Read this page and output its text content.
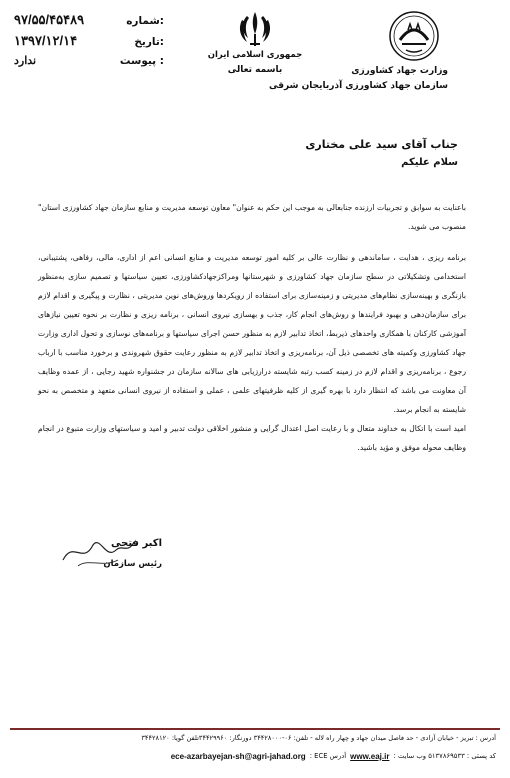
۹۷/۵۵/۴۵۴۸۹	شماره:
۱۳۹۷/۱۲/۱۴	تاریخ:
ندارد	پیوست :	جمهوری اسلامی ایران
باسمه تعالی	وزارت جهاد کشاورزی
سازمان جهاد کشاورزی آذربایجان شرقی
جناب آقای سید علی مختاری
سلام علیکم

باعنایت به سوابق و تجربیات ارزنده جنابعالی به موجب این حکم به عنوان" معاون توسعه مدیریت و منابع سازمان جهاد کشاورزی استان" منصوب می شوید.

برنامه ریزی ، هدایت ، ساماندهی و نظارت عالی بر کلیه امور توسعه مدیریت و منابع انسانی اعم از اداری، مالی، رفاهی، پشتیبانی، استخدامی وتشکیلاتی در سطح سازمان جهاد کشاورزی و شهرستانها ومراکزجهادکشاورزی، تعیین سیاستها و تصمیم سازی به‌منظور بازنگری و بهینه‌سازی نظام‌های مدیریتی و زمینه‌سازی برای استفاده از رویکردها وروش‌های نوین مدیریتی ، نظارت و پیگیری و اقدام لازم برای سازمان‌دهی و بهبود فرایندها و روش‌های انجام کار، جذب و بهسازی نیروی انسانی ، برنامه ریزی و نظارت بر نحوه تعیین نیازهای آموزشی کارکنان با همکاری واحدهای ذیربط، اتخاذ تدابیر لازم به منظور حسن اجرای سیاستها و برنامه‌های نوسازی و تحول اداری وزارت جهاد کشاورزی وکمیته های تخصصی ذیل آن، برنامه‌ریزی و اتخاذ تدابیر لازم به منظور رعایت حقوق شهروندی و برخورد مناسب با ارباب رجوع ، برنامه‌ریزی و اقدام لازم در زمینه کسب رتبه شایسته درارزیابی های سالانه سازمان در جشنواره شهید رجایی ، از عمده وظایف آن معاونت می باشد که انتظار دارد با بهره گیری از کلیه ظرفیتهای علمی ، عملی و استفاده از نیروی انسانی متعهد و متخصص به نحو شایسته به انجام برسد.

امید است با اتکال به خداوند متعال و با رعایت اصل اعتدال گرایی و منشور اخلاقی دولت تدبیر و امید و سیاستهای وزارت متبوع در انجام وظایف محوله موفق و مؤید باشید.

اکبر فتحی
رئیس سازمان
آدرس : تبریز - خیابان آزادی - حد فاصل میدان جهاد و چهار راه لاله - تلفن: ۰۶-۳۴۴۲۸۰۰۰ دورنگار: ۳۴۴۲۹۹۶۰تلفن گویا: ۳۴۴۲۸۱۲۰
کد پستی : ۵۱۳۷۸۶۹۵۳۳ وب سایت :
www.eaj.ir
آدرس ECE :
ece-azarbayejan-sh@agri-jahad.org
